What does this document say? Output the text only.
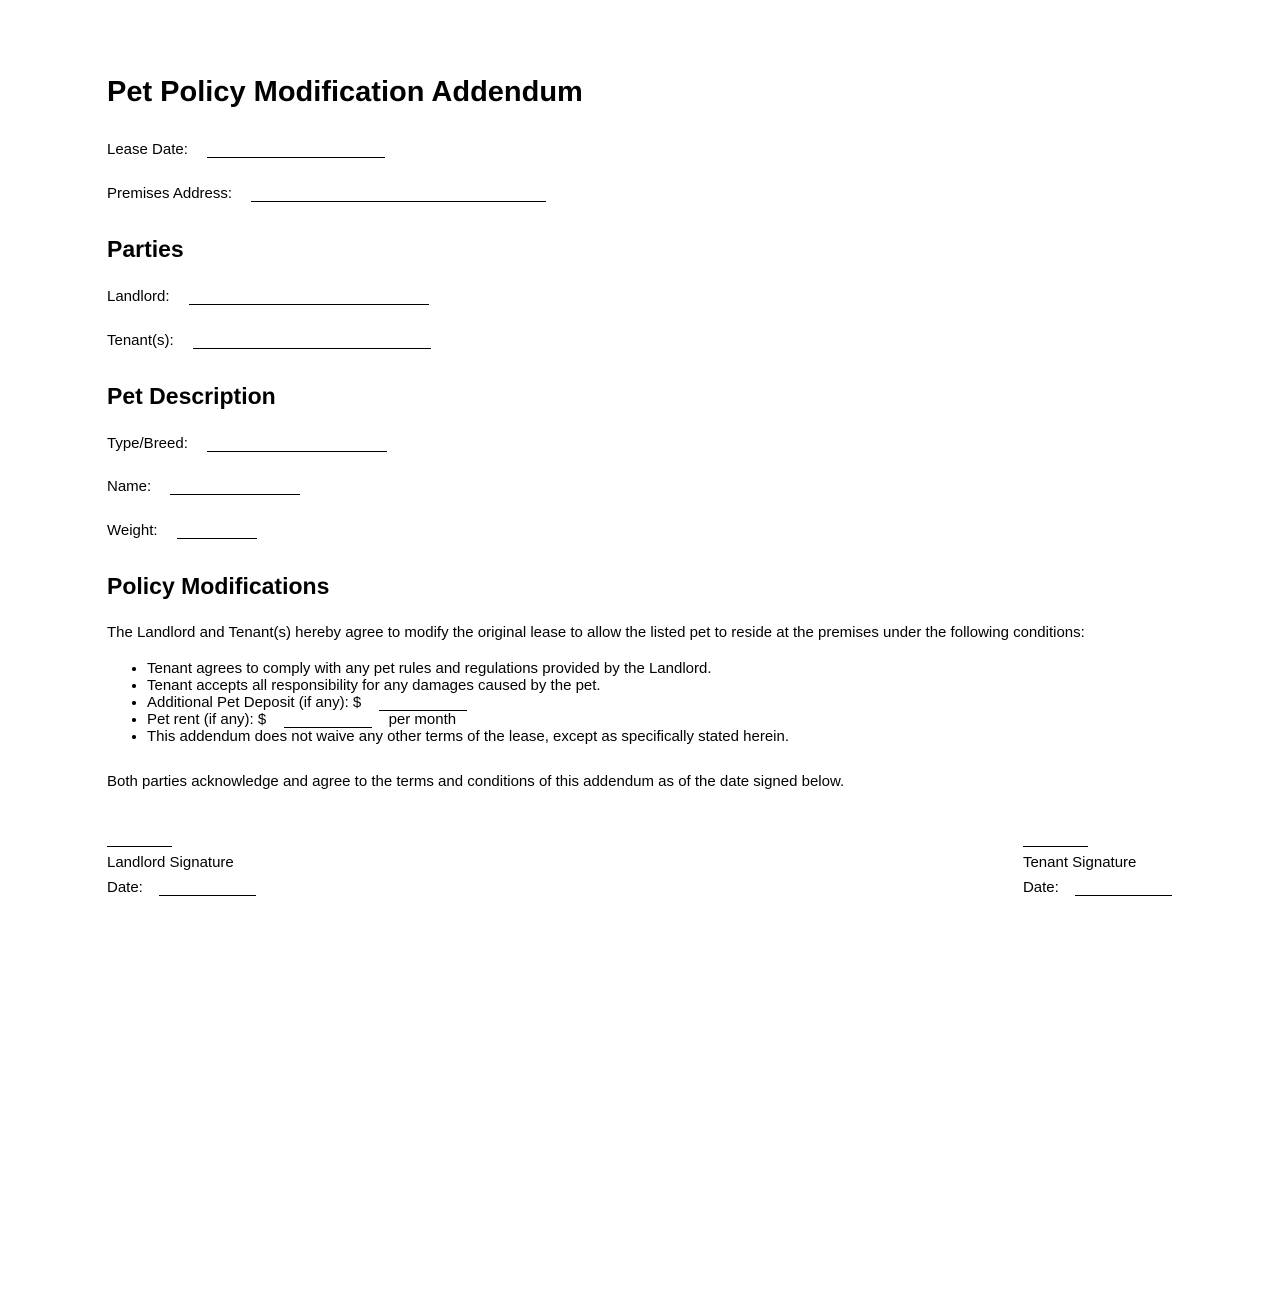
Pet Policy Modification Addendum
Lease Date:
Premises Address:
Parties
Landlord:
Tenant(s):
Pet Description
Type/Breed:
Name:
Weight:
Policy Modifications

The Landlord and Tenant(s) hereby agree to modify the original lease to allow the listed pet to reside at the premises under the following conditions:

• Tenant agrees to comply with any pet rules and regulations provided by the Landlord.
• Tenant accepts all responsibility for any damages caused by the pet.
• Additional Pet Deposit (if any): $
• Pet rent (if any): $	per month
• This addendum does not waive any other terms of the lease, except as specifically stated herein.

Both parties acknowledge and agree to the terms and conditions of this addendum as of the date signed below.

Landlord Signature
Date:
Tenant Signature
Date:
